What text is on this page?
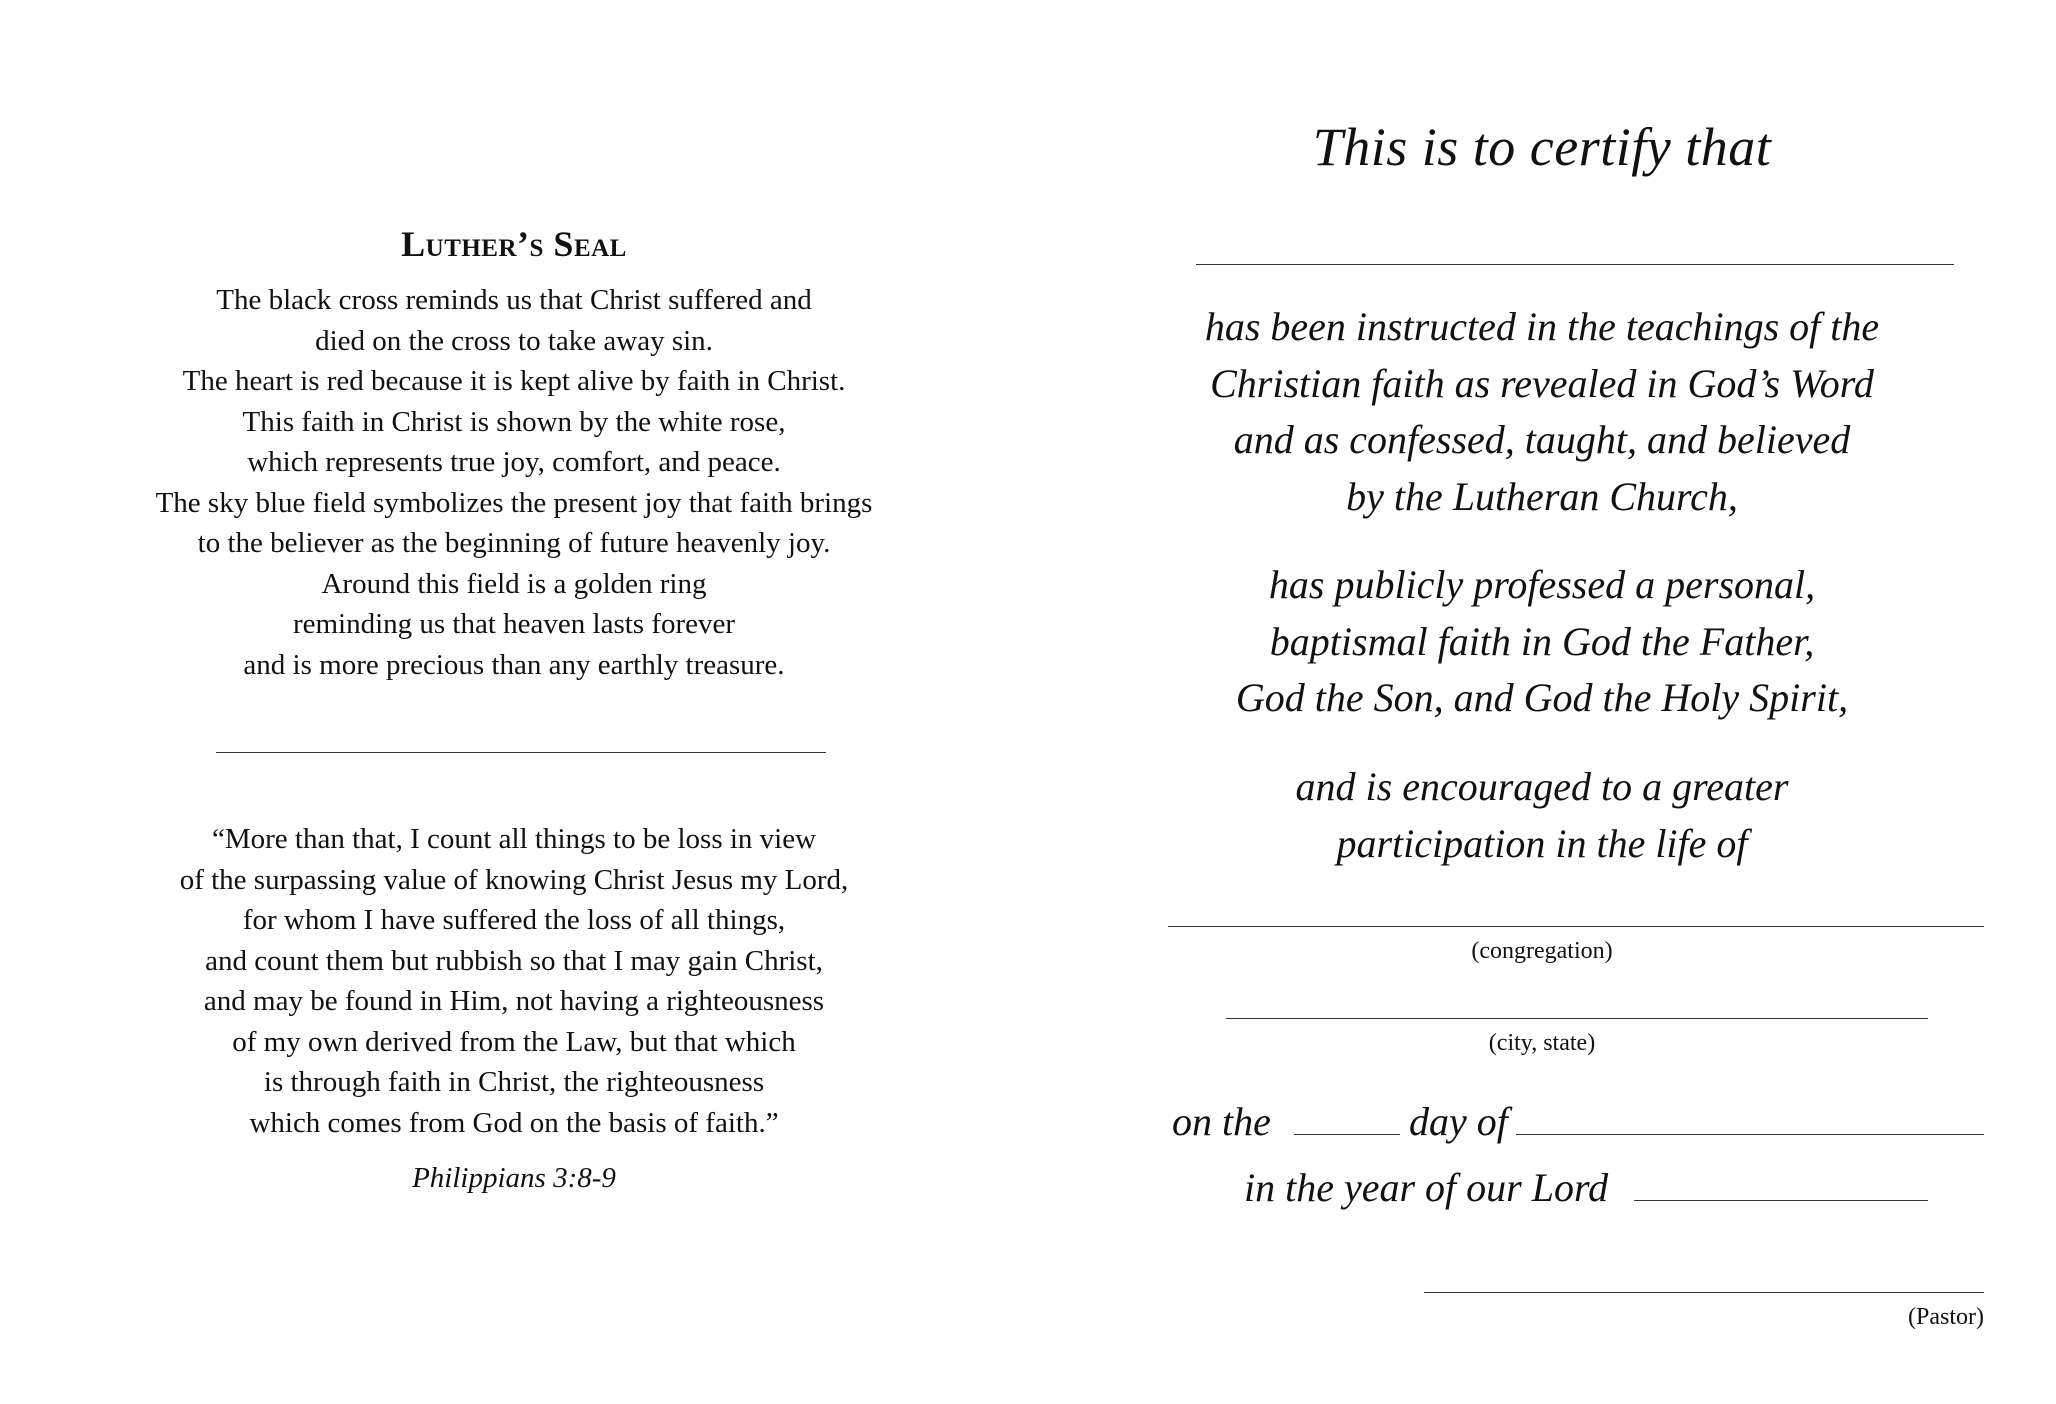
Luther’s Seal
The black cross reminds us that Christ suffered and
died on the cross to take away sin.
The heart is red because it is kept alive by faith in Christ.
This faith in Christ is shown by the white rose,
which represents true joy, comfort, and peace.
The sky blue field symbolizes the present joy that faith brings
to the believer as the beginning of future heavenly joy.
Around this field is a golden ring
reminding us that heaven lasts forever
and is more precious than any earthly treasure.
“More than that, I count all things to be loss in view
of the surpassing value of knowing Christ Jesus my Lord,
for whom I have suffered the loss of all things,
and count them but rubbish so that I may gain Christ,
and may be found in Him, not having a righteousness
of my own derived from the Law, but that which
is through faith in Christ, the righteousness
which comes from God on the basis of faith.”
Philippians 3:8-9
This is to certify that
has been instructed in the teachings of the
Christian faith as revealed in God’s Word
and as confessed, taught, and believed
by the Lutheran Church,
has publicly professed a personal,
baptismal faith in God the Father,
God the Son, and God the Holy Spirit,
and is encouraged to a greater
participation in the life of
(congregation)
(city, state)
on the	day of
in the year of our Lord
(Pastor)
